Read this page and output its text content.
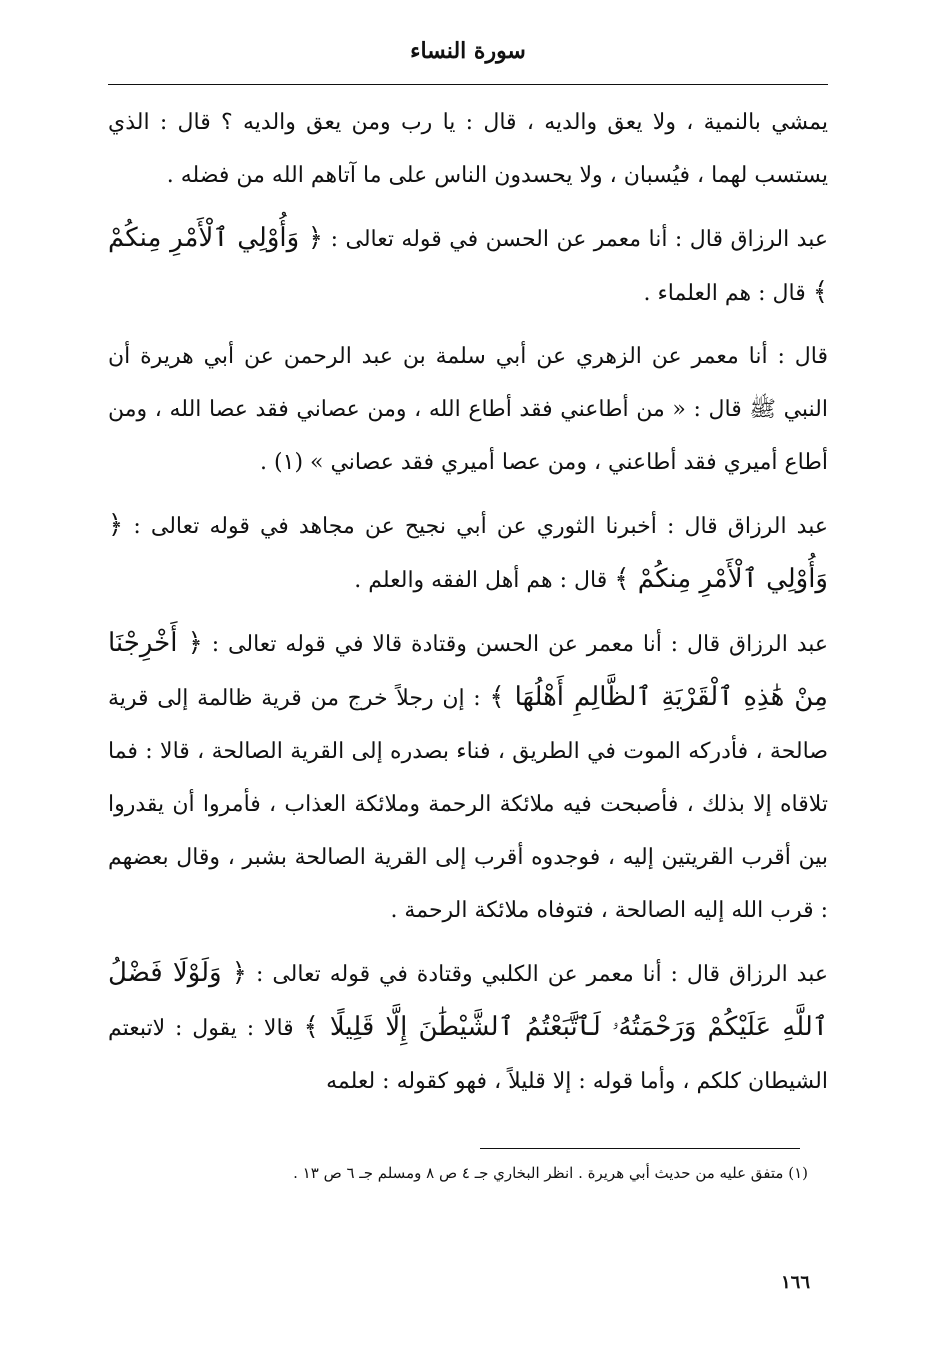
سورة النساء

يمشي بالنمية ، ولا يعق والديه ، قال : يا رب ومن يعق والديه ؟ قال : الذي يستسب لهما ، فيُسبان ، ولا يحسدون الناس على ما آتاهم الله من فضله .

عبد الرزاق قال : أنا معمر عن الحسن في قوله تعالى : ﴿ وَأُوْلِي ٱلْأَمْرِ مِنكُمْ ﴾ قال : هم العلماء .

قال : أنا معمر عن الزهري عن أبي سلمة بن عبد الرحمن عن أبي هريرة أن النبي ﷺ قال : « من أطاعني فقد أطاع الله ، ومن عصاني فقد عصا الله ، ومن أطاع أميري فقد أطاعني ، ومن عصا أميري فقد عصاني » (١) .

عبد الرزاق قال : أخبرنا الثوري عن أبي نجيح عن مجاهد في قوله تعالى : ﴿ وَأُوْلِي ٱلْأَمْرِ مِنكُمْ ﴾ قال : هم أهل الفقه والعلم .

عبد الرزاق قال : أنا معمر عن الحسن وقتادة قالا في قوله تعالى : ﴿ أَخْرِجْنَا مِنْ هَٰذِهِ ٱلْقَرْيَةِ ٱلظَّالِمِ أَهْلُهَا ﴾ : إن رجلاً خرج من قرية ظالمة إلى قرية صالحة ، فأدركه الموت في الطريق ، فناء بصدره إلى القرية الصالحة ، قالا : فما تلاقاه إلا بذلك ، فأصبحت فيه ملائكة الرحمة وملائكة العذاب ، فأمروا أن يقدروا بين أقرب القريتين إليه ، فوجدوه أقرب إلى القرية الصالحة بشبر ، وقال بعضهم : قرب الله إليه الصالحة ، فتوفاه ملائكة الرحمة .

عبد الرزاق قال : أنا معمر عن الكلبي وقتادة في قوله تعالى : ﴿ وَلَوْلَا فَضْلُ ٱللَّهِ عَلَيْكُمْ وَرَحْمَتُهُۥ لَٱتَّبَعْتُمُ ٱلشَّيْطَٰنَ إِلَّا قَلِيلًا ﴾ قالا : يقول : لاتبعتم الشيطان كلكم ، وأما قوله : إلا قليلاً ، فهو كقوله : لعلمه

(١) متفق عليه من حديث أبي هريرة . انظر البخاري جـ ٤ ص ٨ ومسلم جـ ٦ ص ١٣ .
١٦٦
